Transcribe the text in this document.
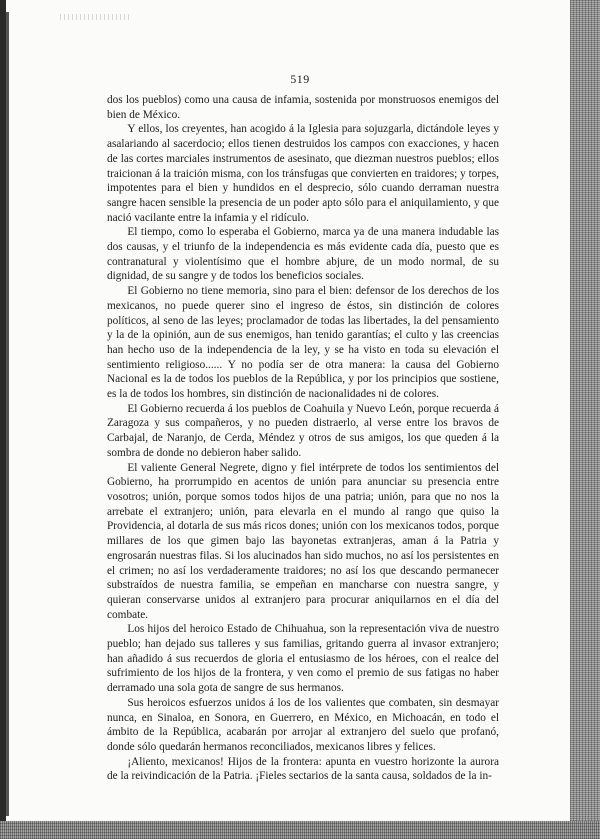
519

dos los pueblos) como una causa de infamia, sostenida por monstruosos enemigos del bien de México.

Y ellos, los creyentes, han acogido á la Iglesia para sojuzgarla, dictándole leyes y asalariando al sacerdocio; ellos tienen destruidos los campos con exacciones, y hacen de las cortes marciales instrumentos de asesinato, que diezman nuestros pueblos; ellos traicionan á la traición misma, con los tránsfugas que convierten en traidores; y torpes, impotentes para el bien y hundidos en el desprecio, sólo cuando derraman nuestra sangre hacen sensible la presencia de un poder apto sólo para el aniquilamiento, y que nació vacilante entre la infamia y el ridículo.

El tiempo, como lo esperaba el Gobierno, marca ya de una manera indudable las dos causas, y el triunfo de la independencia es más evidente cada día, puesto que es contranatural y violentísimo que el hombre abjure, de un modo normal, de su dignidad, de su sangre y de todos los beneficios sociales.

El Gobierno no tiene memoria, sino para el bien: defensor de los derechos de los mexicanos, no puede querer sino el ingreso de éstos, sin distinción de colores políticos, al seno de las leyes; proclamador de todas las libertades, la del pensamiento y la de la opinión, aun de sus enemigos, han tenido garantías; el culto y las creencias han hecho uso de la independencia de la ley, y se ha visto en toda su elevación el sentimiento religioso...... Y no podía ser de otra manera: la causa del Gobierno Nacional es la de todos los pueblos de la República, y por los principios que sostiene, es la de todos los hombres, sin distinción de nacionalidades ni de colores.

El Gobierno recuerda á los pueblos de Coahuila y Nuevo León, porque recuerda á Zaragoza y sus compañeros, y no pueden distraerlo, al verse entre los bravos de Carbajal, de Naranjo, de Cerda, Méndez y otros de sus amigos, los que queden á la sombra de donde no debieron haber salido.

El valiente General Negrete, digno y fiel intérprete de todos los sentimientos del Gobierno, ha prorrumpido en acentos de unión para anunciar su presencia entre vosotros; unión, porque somos todos hijos de una patria; unión, para que no nos la arrebate el extranjero; unión, para elevarla en el mundo al rango que quiso la Providencia, al dotarla de sus más ricos dones; unión con los mexicanos todos, porque millares de los que gimen bajo las bayonetas extranjeras, aman á la Patria y engrosarán nuestras filas. Si los alucinados han sido muchos, no así los persistentes en el crimen; no así los verdaderamente traidores; no así los que descando permanecer substraídos de nuestra familia, se empeñan en mancharse con nuestra sangre, y quieran conservarse unidos al extranjero para procurar aniquilarnos en el día del combate.

Los hijos del heroico Estado de Chihuahua, son la representación viva de nuestro pueblo; han dejado sus talleres y sus familias, gritando guerra al invasor extranjero; han añadido á sus recuerdos de gloria el entusiasmo de los héroes, con el realce del sufrimiento de los hijos de la frontera, y ven como el premio de sus fatigas no haber derramado una sola gota de sangre de sus hermanos.

Sus heroicos esfuerzos unidos á los de los valientes que combaten, sin desmayar nunca, en Sinaloa, en Sonora, en Guerrero, en México, en Michoacán, en todo el ámbito de la República, acabarán por arrojar al extranjero del suelo que profanó, donde sólo quedarán hermanos reconciliados, mexicanos libres y felices.

¡Aliento, mexicanos! Hijos de la frontera: apunta en vuestro horizonte la aurora de la reivindicación de la Patria. ¡Fieles sectarios de la santa causa, soldados de la in-
